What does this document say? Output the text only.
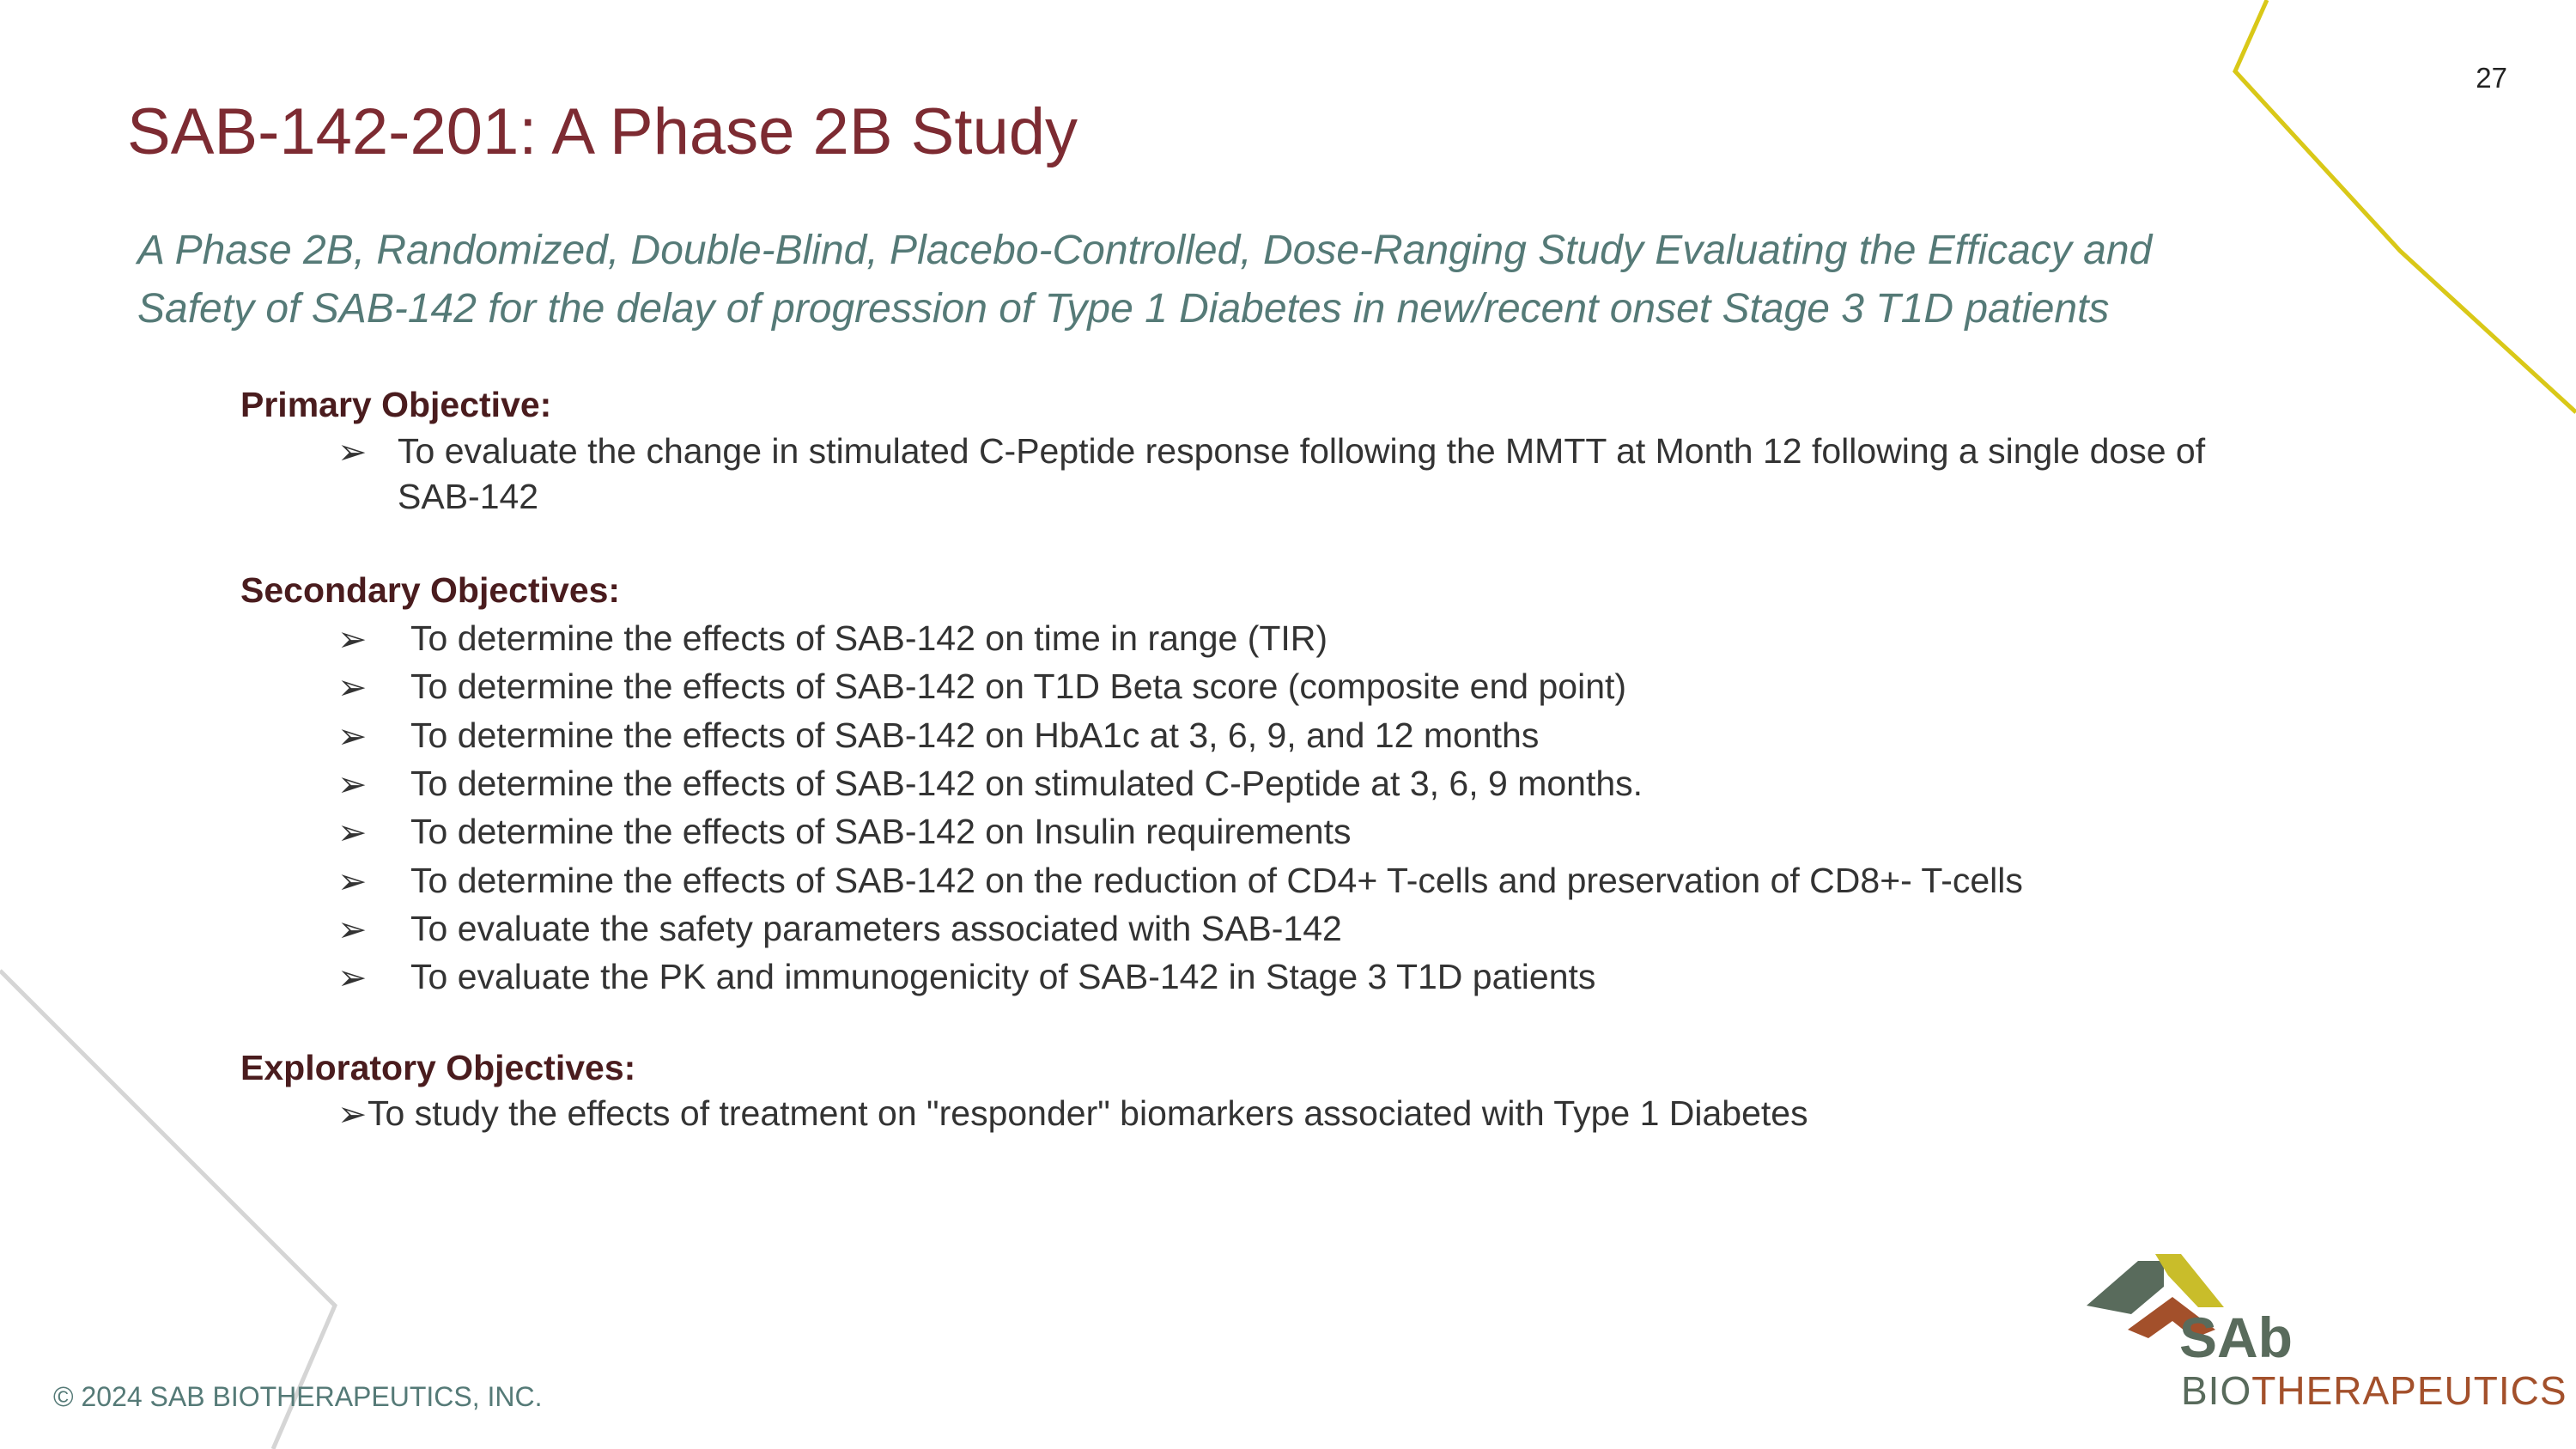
27
SAB-142-201: A Phase 2B Study
A Phase 2B, Randomized, Double-Blind, Placebo-Controlled, Dose-Ranging Study Evaluating the Efficacy and
Safety of SAB-142 for the delay of progression of Type 1 Diabetes in new/recent onset Stage 3 T1D patients
Primary Objective:
➢ To evaluate the change in stimulated C-Peptide response following the MMTT at Month 12 following a single dose of
SAB-142
Secondary Objectives:
➢ To determine the effects of SAB-142 on time in range (TIR)
➢ To determine the effects of SAB-142 on T1D Beta score (composite end point)
➢ To determine the effects of SAB-142 on HbA1c at 3, 6, 9, and 12 months
➢ To determine the effects of SAB-142 on stimulated C-Peptide at 3, 6, 9 months.
➢ To determine the effects of SAB-142 on Insulin requirements
➢ To determine the effects of SAB-142 on the reduction of CD4+ T-cells and preservation of CD8+- T-cells
➢ To evaluate the safety parameters associated with SAB-142
➢ To evaluate the PK and immunogenicity of SAB-142 in Stage 3 T1D patients
Exploratory Objectives:
➢ To study the effects of treatment on "responder" biomarkers associated with Type 1 Diabetes
© 2024 SAB BIOTHERAPEUTICS, INC.
SAb
BIOTHERAPEUTICS
